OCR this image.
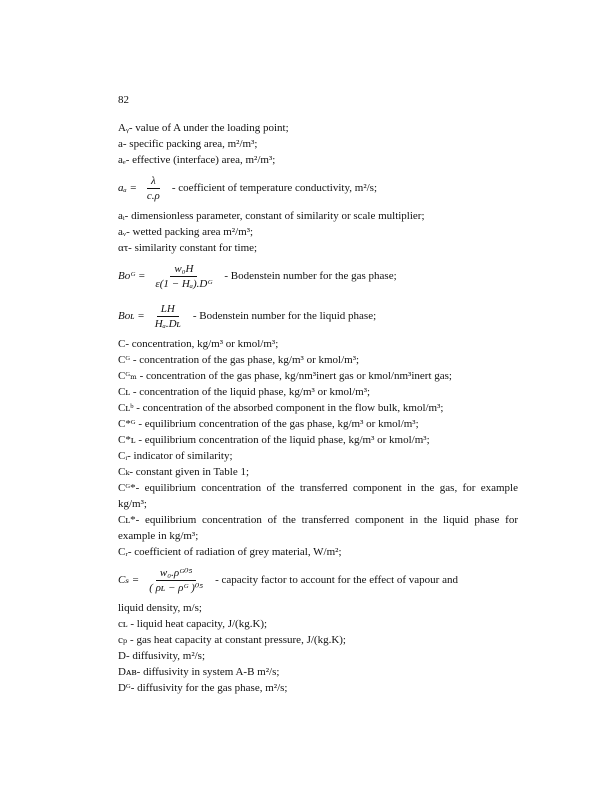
82
Aᵧ- value of A under the loading point;
a- specific packing area, m²/m³;
aₑ- effective (interface) area, m²/m³;
$a_a = \frac{\lambda}{c.\rho}$ - coefficient of temperature conductivity, m²/s;
aᵢ- dimensionless parameter, constant of similarity or scale multiplier;
aᵥ- wetted packing area m²/m³;
ατ- similarity constant for time;
Boᴳ = $\frac{\text{w₀H}}{\text{ε(1 − Hₐ).Dᴳ}}$ - Bodenstein number for the gas phase;
Boʟ = $\frac{LH}{\text{Hₐ.Dʟ}}$ - Bodenstein number for the liquid phase;
C- concentration, kg/m³ or kmol/m³;
Cᴳ - concentration of the gas phase, kg/m³ or kmol/m³;
Cᴳₘ - concentration of the gas phase, kg/nm³inert gas or kmol/nm³inert gas;
Cʟ - concentration of the liquid phase, kg/m³ or kmol/m³;
Cʟᵇ - concentration of the absorbed component in the flow bulk, kmol/m³;
C*ᴳ - equilibrium concentration of the gas phase, kg/m³ or kmol/m³;
C*ʟ - equilibrium concentration of the liquid phase, kg/m³ or kmol/m³;
Cᵢ- indicator of similarity;
Cₖ- constant given in Table 1;
Cᴳ*- equilibrium concentration of the transferred component in the gas, for example kg/m³;
Cʟ*- equilibrium concentration of the transferred component in the liquid phase for example in kg/m³;
Cᵣ- coefficient of radiation of grey material, W/m²;
$C_s = \frac{\text{w₀.ρᴳ⁰⁵}}{\text{( ρʟ − ρᴳ )⁰⁵}}$ - capacity factor to account for the effect of vapour and
liquid density, m/s;
cʟ - liquid heat capacity, J/(kg.K);
cₚ - gas heat capacity at constant pressure, J/(kg.K);
D- diffusivity, m²/s;
Dᴀʙ- diffusivity in system A-B m²/s;
Dᴳ- diffusivity for the gas phase, m²/s;
